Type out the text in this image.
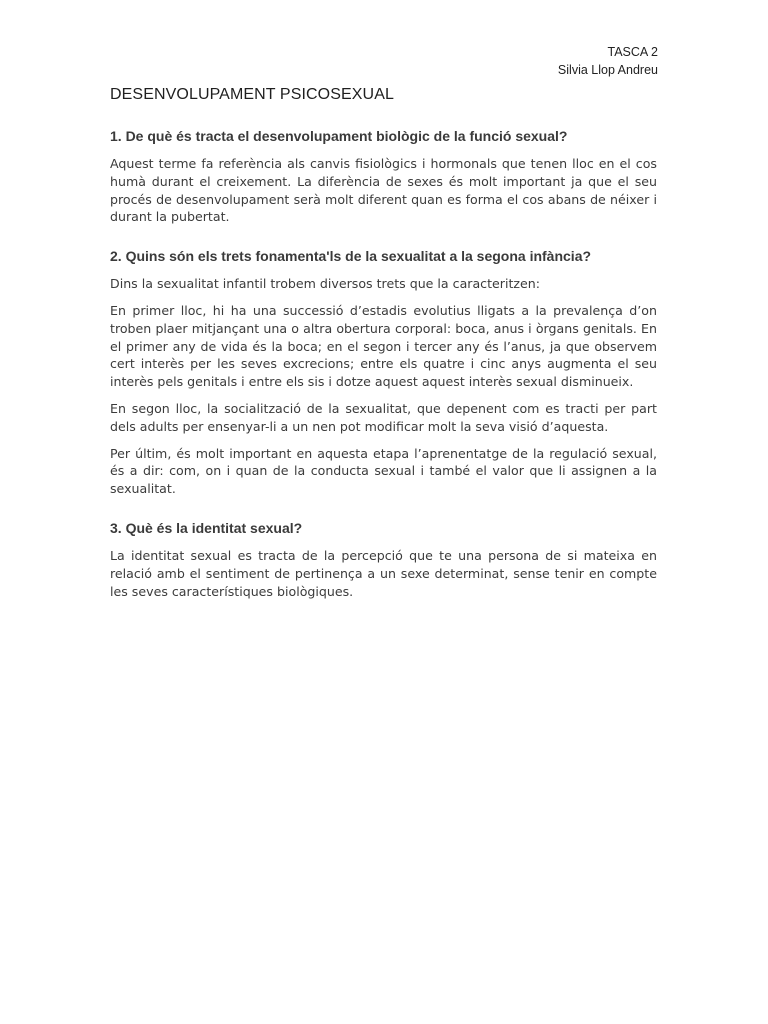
TASCA 2
Silvia Llop Andreu
DESENVOLUPAMENT PSICOSEXUAL
1. De què és tracta el desenvolupament biològic de la funció sexual?

Aquest terme fa referència als canvis fisiològics i hormonals que tenen lloc en el cos humà durant el creixement. La diferència de sexes és molt important ja que el seu procés de desenvolupament serà molt diferent quan es forma el cos abans de néixer i durant la pubertat.

2. Quins són els trets fonamenta'ls de la sexualitat a la segona infància?

Dins la sexualitat infantil trobem diversos trets que la caracteritzen:

En primer lloc, hi ha una successió d’estadis evolutius lligats a la prevalença d’on troben plaer mitjançant una o altra obertura corporal: boca, anus i òrgans genitals. En el primer any de vida és la boca; en el segon i tercer any és l’anus, ja que observem cert interès per les seves excrecions; entre els quatre i cinc anys augmenta el seu interès pels genitals i entre els sis i dotze aquest aquest interès sexual disminueix.

En segon lloc, la socialització de la sexualitat, que depenent com es tracti per part dels adults per ensenyar-li a un nen pot modificar molt la seva visió d’aquesta.

Per últim, és molt important en aquesta etapa l’aprenentatge de la regulació sexual, és a dir: com, on i quan de la conducta sexual i també el valor que li assignen a la sexualitat.

3. Què és la identitat sexual?

La identitat sexual es tracta de la percepció que te una persona de si mateixa en relació amb el sentiment de pertinença a un sexe determinat, sense tenir en compte les seves característiques biològiques.
